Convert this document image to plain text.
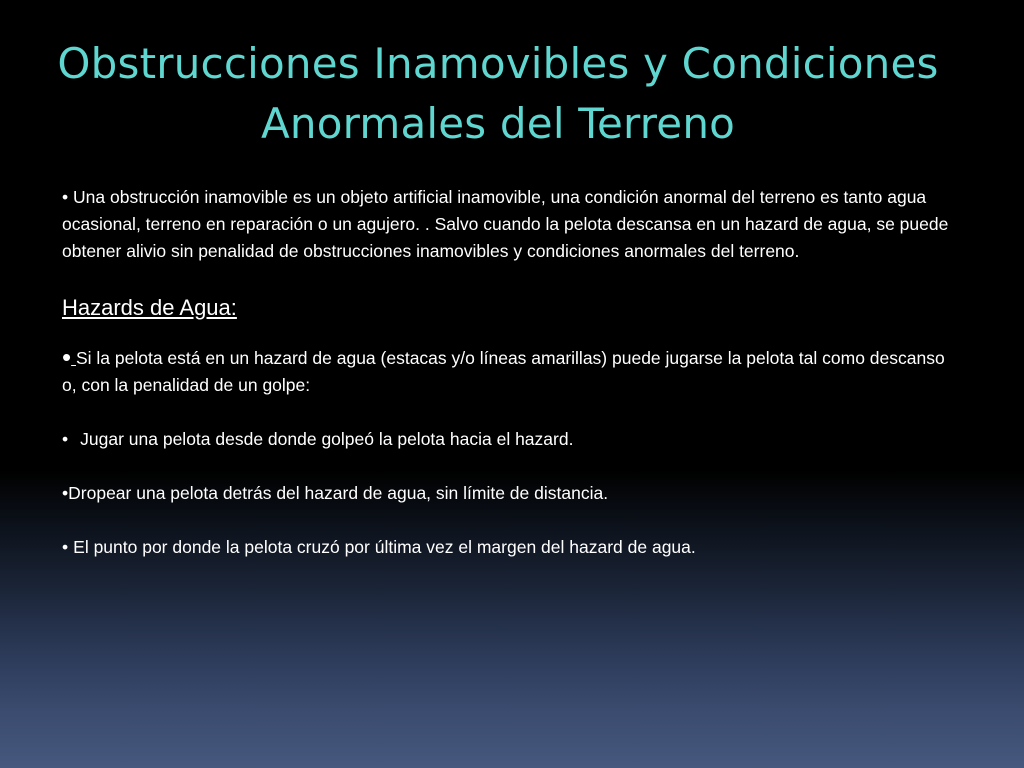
Obstrucciones Inamovibles y Condiciones Anormales del Terreno

• Una obstrucción inamovible es un objeto artificial inamovible, una condición anormal del terreno es tanto agua ocasional, terreno en reparación o un agujero. . Salvo cuando la pelota descansa en un hazard de agua, se puede obtener alivio sin penalidad de obstrucciones inamovibles y condiciones anormales del terreno.

Hazards de Agua:

• Si la pelota está en un hazard de agua (estacas y/o líneas amarillas) puede jugarse la pelota tal como descanso o, con la penalidad de un golpe:

• Jugar una pelota desde donde golpeó la pelota hacia el hazard.

•Dropear una pelota detrás del hazard de agua, sin límite de distancia.

• El punto por donde la pelota cruzó por última vez el margen del hazard de agua.
